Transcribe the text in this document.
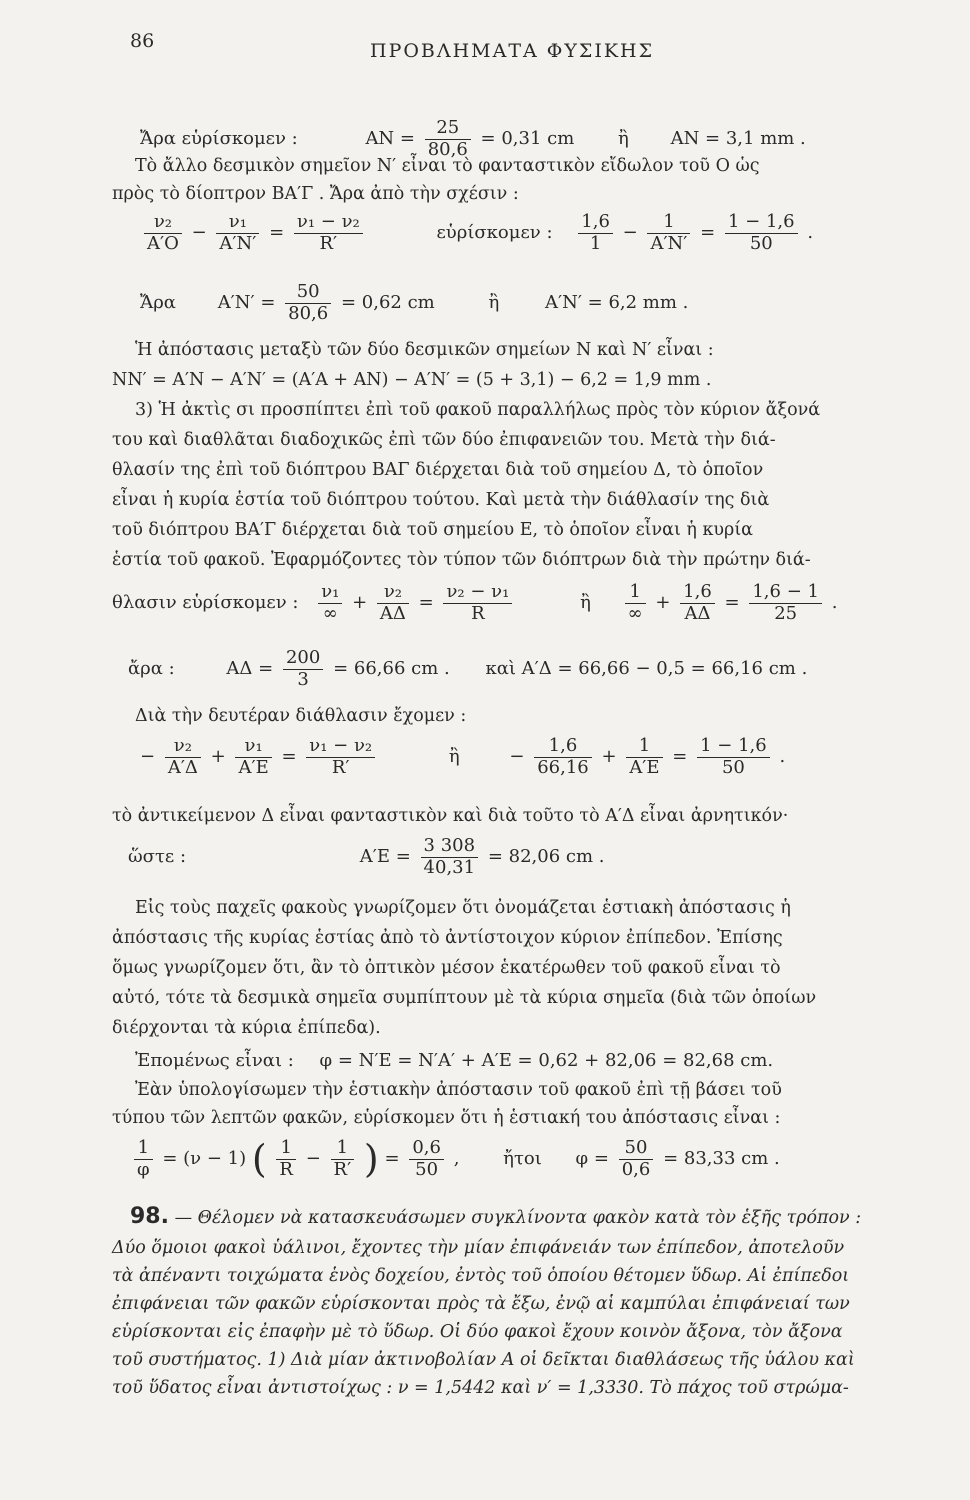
86	ΠΡΟΒΛΗΜΑΤΑ ΦΥΣΙΚΗΣ
Ἄρα εὑρίσκομεν :	$AN = \frac{25}{80,6} = 0,31$ cm ἢ ΑΝ = 3,1 mm .
Τὸ ἄλλο δεσμικὸν σημεῖον Ν′ εἶναι τὸ φανταστικὸν εἴδωλον τοῦ Ο ὡς
πρὸς τὸ δίοπτρον ΒΑ′Γ . Ἄρα ἀπὸ τὴν σχέσιν :
$\frac{\text{ν₂}}{A'O} - \frac{\text{ν₁}}{A'N'} = \frac{\text{ν₁ − ν₂}}{R'}$	εὑρίσκομεν : $\frac{1,6}{1} - \frac{1}{A'N'} = \frac{1 - 1,6}{50}$ .
Ἄρα $A'N' = \frac{50}{80,6} = 0,62$ cm	ἢ	Α′Ν′ = 6,2 mm .
Ἡ ἀπόστασις μεταξὺ τῶν δύο δεσμικῶν σημείων Ν καὶ Ν′ εἶναι :
ΝΝ′ = Α′Ν − Α′Ν′ = (Α′Α + ΑΝ) − Α′Ν′ = (5 + 3,1) − 6,2 = 1,9 mm .
3) Ἡ ἀκτὶς σι προσπίπτει ἐπὶ τοῦ φακοῦ παραλλήλως πρὸς τὸν κύριον ἄξονά
του καὶ διαθλᾶται διαδοχικῶς ἐπὶ τῶν δύο ἐπιφανειῶν του. Μετὰ τὴν διά-
θλασίν της ἐπὶ τοῦ διόπτρου ΒΑΓ διέρχεται διὰ τοῦ σημείου Δ, τὸ ὁποῖον
εἶναι ἡ κυρία ἑστία τοῦ διόπτρου τούτου. Καὶ μετὰ τὴν διάθλασίν της διὰ
τοῦ διόπτρου ΒΑ′Γ διέρχεται διὰ τοῦ σημείου Ε, τὸ ὁποῖον εἶναι ἡ κυρία
ἑστία τοῦ φακοῦ. Ἐφαρμόζοντες τὸν τύπον τῶν διόπτρων διὰ τὴν πρώτην διά-
θλασιν εὑρίσκομεν : $\frac{\text{ν₁}}{\infty} + \frac{\text{ν₂}}{A\Delta} = \frac{\text{ν₂ − ν₁}}{R}$	ἢ $\frac{1}{\infty} + \frac{1,6}{A\Delta} = \frac{1,6 - 1}{25}$ .
ἄρα :	$A\Delta = \frac{200}{3} = 66,66$ cm . καὶ Α′Δ = 66,66 − 0,5 = 66,16 cm .
Διὰ τὴν δευτέραν διάθλασιν ἔχομεν :
− $\frac{\text{ν₂}}{A'\Delta} + \frac{\text{ν₁}}{A'E} = \frac{\text{ν₁ − ν₂}}{R'}$	ἢ	− $\frac{1,6}{66,16} + \frac{1}{A'E} = \frac{1 - 1,6}{50}$ .
τὸ ἀντικείμενον Δ εἶναι φανταστικὸν καὶ διὰ τοῦτο τὸ Α′Δ εἶναι ἀρνητικόν·
ὥστε :	$A'E = \frac{3 308}{40,31} = 82,06$ cm .
Εἰς τοὺς παχεῖς φακοὺς γνωρίζομεν ὅτι ὀνομάζεται ἑστιακὴ ἀπόστασις ἡ
ἀπόστασις τῆς κυρίας ἑστίας ἀπὸ τὸ ἀντίστοιχον κύριον ἐπίπεδον. Ἐπίσης
ὅμως γνωρίζομεν ὅτι, ἂν τὸ ὀπτικὸν μέσον ἑκατέρωθεν τοῦ φακοῦ εἶναι τὸ
αὐτό, τότε τὰ δεσμικὰ σημεῖα συμπίπτουν μὲ τὰ κύρια σημεῖα (διὰ τῶν ὁποίων
διέρχονται τὰ κύρια ἐπίπεδα).
Ἐπομένως εἶναι : φ = Ν′Ε = Ν′Α′ + Α′Ε = 0,62 + 82,06 = 82,68 cm.
Ἐὰν ὑπολογίσωμεν τὴν ἑστιακὴν ἀπόστασιν τοῦ φακοῦ ἐπὶ τῇ βάσει τοῦ
τύπου τῶν λεπτῶν φακῶν, εὑρίσκομεν ὅτι ἡ ἑστιακή του ἀπόστασις εἶναι :
$\frac{1}{\varphi} = (\nu - 1)$ ( $\frac{1}{R} - \frac{1}{R'}$ ) = $\frac{0,6}{50}$ , ἤτοι $\varphi = \frac{50}{0,6} = 83,33$ cm .
98. — Θέλομεν νὰ κατασκευάσωμεν συγκλίνοντα φακὸν κατὰ τὸν ἑξῆς τρόπον :
Δύο ὅμοιοι φακοὶ ὑάλινοι, ἔχοντες τὴν μίαν ἐπιφάνειάν των ἐπίπεδον, ἀποτελοῦν
τὰ ἀπέναντι τοιχώματα ἑνὸς δοχείου, ἐντὸς τοῦ ὁποίου θέτομεν ὕδωρ. Αἱ ἐπίπεδοι
ἐπιφάνειαι τῶν φακῶν εὑρίσκονται πρὸς τὰ ἔξω, ἐνῷ αἱ καμπύλαι ἐπιφάνειαί των
εὑρίσκονται εἰς ἐπαφὴν μὲ τὸ ὕδωρ. Οἱ δύο φακοὶ ἔχουν κοινὸν ἄξονα, τὸν ἄξονα
τοῦ συστήματος. 1) Διὰ μίαν ἀκτινοβολίαν Α οἱ δεῖκται διαθλάσεως τῆς ὑάλου καὶ
τοῦ ὕδατος εἶναι ἀντιστοίχως : ν = 1,5442 καὶ ν′ = 1,3330. Τὸ πάχος τοῦ στρώμα-
